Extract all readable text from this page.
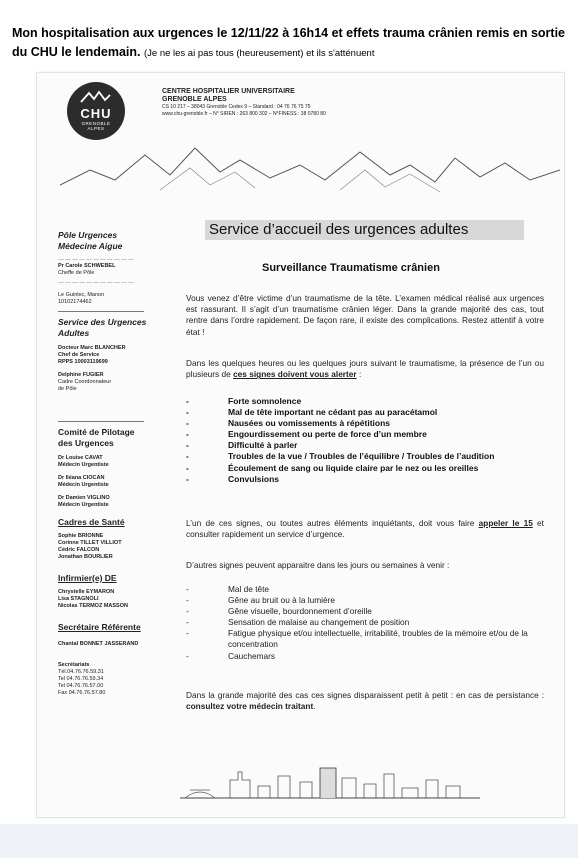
Mon hospitalisation aux urgences le 12/11/22 à 16h14 et effets trauma crânien remis en sortie du CHU le lendemain. (Je ne les ai pas tous (heureusement) et ils s'atténuent
CHU
GRENOBLE
ALPES
CENTRE HOSPITALIER UNIVERSITAIRE
GRENOBLE ALPES
CS 10 217 – 38043 Grenoble Cedex 9 – Standard : 04 76 76 75 75
www.chu-grenoble.fr – N° SIREN : 263 800 302 – N°FINESS : 38 0780 80
Pôle Urgences
Médecine Aigue
……………………………
Pr Carole SCHWEBEL
Cheffe de Pôle
……………………………
Le Guinlec, Manon
10102174462
Service des Urgences
Adultes
Docteur Marc BLANCHER
Chef de Service
RPPS 10003119699
Delphine FUGIER
Cadre Coordonnateur
de Pôle
Comité de Pilotage
des Urgences
Dr Louise CAVAT
Médecin Urgentiste
Dr Iléana CIOCAN
Médecin Urgentiste
Dr Damien VIGLINO
Médecin Urgentiste
Cadres de Santé
Sophie BRIONNE
Corinne TILLET VILLIOT
Cédric FALCON
Jonathan BOURLIER
Infirmier(e) DE
Chrystelle EYMARON
Lisa STAGNOLI
Nicolas TERMOZ MASSON
Secrétaire Référente
Chantal BONNET JASSERAND
Secrétariats
Tél.04.76.76.59.31
Tel 04.76.76.59.34
Tel 04.76.76.57.00
Fax 04.76.76.57.80
Service d’accueil des urgences adultes
Surveillance Traumatisme crânien
Vous venez d’être victime d’un traumatisme de la tête. L’examen médical réalisé aux urgences est rassurant. Il s’agit d’un traumatisme crânien léger. Dans la grande majorité des cas, tout rentre dans l’ordre rapidement. De façon rare, il existe des complications. Restez attentif à votre état !
Dans les quelques heures ou les quelques jours suivant le traumatisme, la présence de l’un ou plusieurs de ces signes doivent vous alerter :
- Forte somnolence
- Mal de tête important ne cédant pas au paracétamol
- Nausées ou vomissements à répétitions
- Engourdissement ou perte de force d’un membre
- Difficulté à parler
- Troubles de la vue / Troubles de l’équilibre / Troubles de l’audition
- Écoulement de sang ou liquide claire par le nez ou les oreilles
- Convulsions
L’un de ces signes, ou toutes autres éléments inquiétants, doit vous faire appeler le 15 et consulter rapidement un service d’urgence.
D’autres signes peuvent apparaitre dans les jours ou semaines à venir :
- Mal de tête
- Gêne au bruit ou à la lumière
- Gêne visuelle, bourdonnement d’oreille
- Sensation de malaise au changement de position
- Fatigue physique et/ou intellectuelle, irritabilité, troubles de la mémoire et/ou de la concentration
- Cauchemars
Dans la grande majorité des cas ces signes disparaissent petit à petit : en cas de persistance : consultez votre médecin traitant.
